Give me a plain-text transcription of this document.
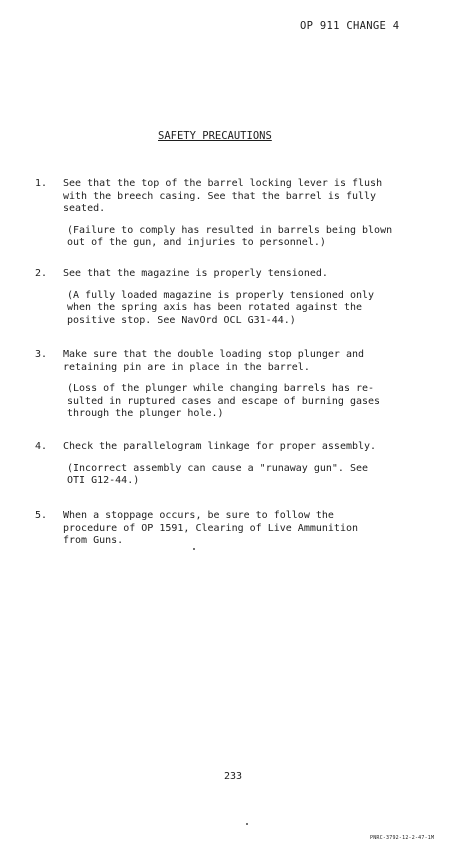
OP 911 CHANGE 4
SAFETY PRECAUTIONS
1.	See that the top of the barrel locking lever is flush
with the breech casing. See that the barrel is fully
seated.
(Failure to comply has resulted in barrels being blown
out of the gun, and injuries to personnel.)
2.	See that the magazine is properly tensioned.
(A fully loaded magazine is properly tensioned only
when the spring axis has been rotated against the
positive stop. See NavOrd OCL G31-44.)
3.	Make sure that the double loading stop plunger and
retaining pin are in place in the barrel.
(Loss of the plunger while changing barrels has re-
sulted in ruptured cases and escape of burning gases
through the plunger hole.)
4.	Check the parallelogram linkage for proper assembly.
(Incorrect assembly can cause a "runaway gun". See
OTI G12-44.)
5.	When a stoppage occurs, be sure to follow the
procedure of OP 1591, Clearing of Live Ammunition
from Guns.
233
PNRC-3792-12-2-47-1M
